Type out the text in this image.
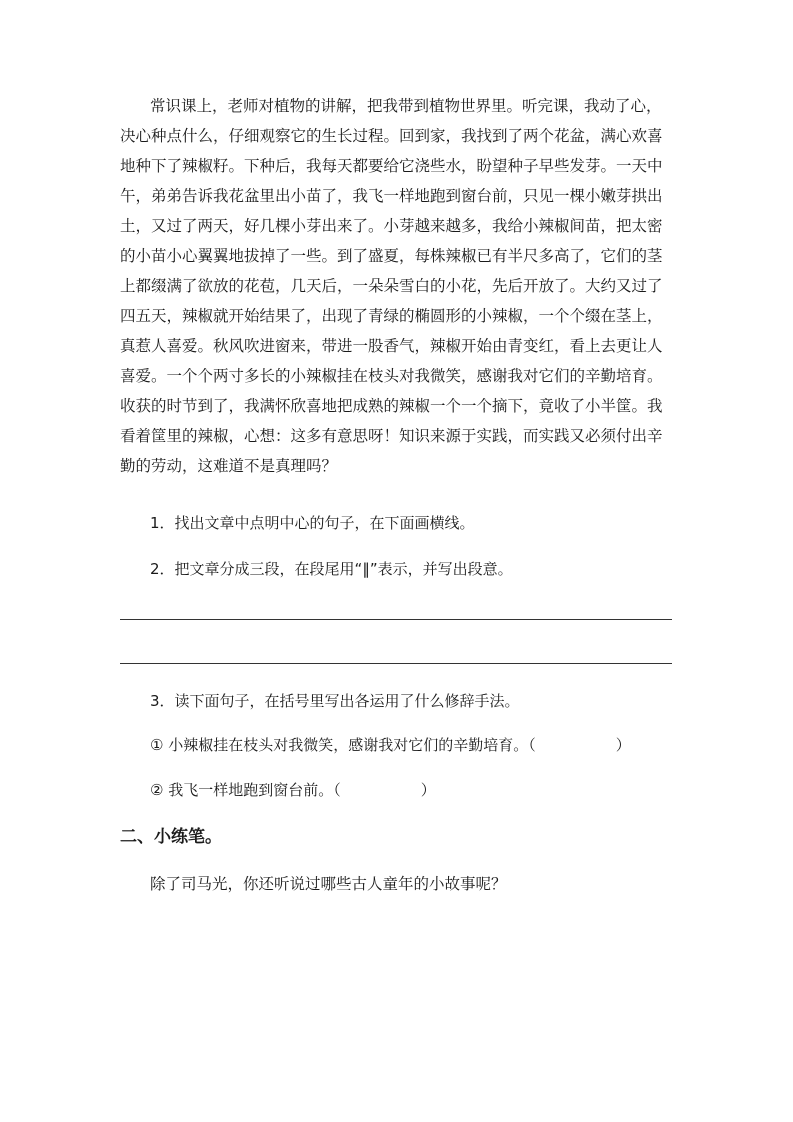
常识课上，老师对植物的讲解，把我带到植物世界里。听完课，我动了心，
决心种点什么，仔细观察它的生长过程。回到家，我找到了两个花盆，满心欢喜
地种下了辣椒籽。下种后，我每天都要给它浇些水，盼望种子早些发芽。一天中
午，弟弟告诉我花盆里出小苗了，我飞一样地跑到窗台前，只见一棵小嫩芽拱出
土，又过了两天，好几棵小芽出来了。小芽越来越多，我给小辣椒间苗，把太密
的小苗小心翼翼地拔掉了一些。到了盛夏，每株辣椒已有半尺多高了，它们的茎
上都缀满了欲放的花苞，几天后，一朵朵雪白的小花，先后开放了。大约又过了
四五天，辣椒就开始结果了，出现了青绿的椭圆形的小辣椒，一个个缀在茎上，
真惹人喜爱。秋风吹进窗来，带进一股香气，辣椒开始由青变红，看上去更让人
喜爱。一个个两寸多长的小辣椒挂在枝头对我微笑，感谢我对它们的辛勤培育。
收获的时节到了，我满怀欣喜地把成熟的辣椒一个一个摘下，竟收了小半筐。我
看着筐里的辣椒，心想：这多有意思呀！知识来源于实践，而实践又必须付出辛
勤的劳动，这难道不是真理吗？
1．找出文章中点明中心的句子，在下面画横线。
2．把文章分成三段，在段尾用“‖”表示，并写出段意。
3．读下面句子，在括号里写出各运用了什么修辞手法。
① 小辣椒挂在枝头对我微笑，感谢我对它们的辛勤培育。（	）
② 我飞一样地跑到窗台前。（	）
二、小练笔。
除了司马光，你还听说过哪些古人童年的小故事呢？
